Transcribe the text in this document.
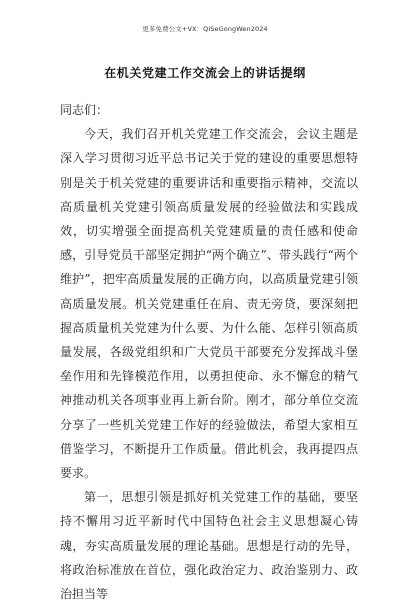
更多免费公文+VX：QiSeGongWen2024
在机关党建工作交流会上的讲话提纲

同志们：

今天，我们召开机关党建工作交流会，会议主题是深入学习贯彻习近平总书记关于党的建设的重要思想特别是关于机关党建的重要讲话和重要指示精神，交流以高质量机关党建引领高质量发展的经验做法和实践成效，切实增强全面提高机关党建质量的责任感和使命感，引导党员干部坚定拥护“两个确立”、带头践行“两个维护”，把牢高质量发展的正确方向，以高质量党建引领高质量发展。机关党建重任在肩、责无旁贷，要深刻把握高质量机关党建为什么要、为什么能、怎样引领高质量发展，各级党组织和广大党员干部要充分发挥战斗堡垒作用和先锋模范作用，以勇担使命、永不懈怠的精气神推动机关各项事业再上新台阶。刚才，部分单位交流分享了一些机关党建工作好的经验做法，希望大家相互借鉴学习，不断提升工作质量。借此机会，我再提四点要求。

第一，思想引领是抓好机关党建工作的基础，要坚持不懈用习近平新时代中国特色社会主义思想凝心铸魂，夯实高质量发展的理论基础。思想是行动的先导，将政治标准放在首位，强化政治定力、政治鉴别力、政治担当等
